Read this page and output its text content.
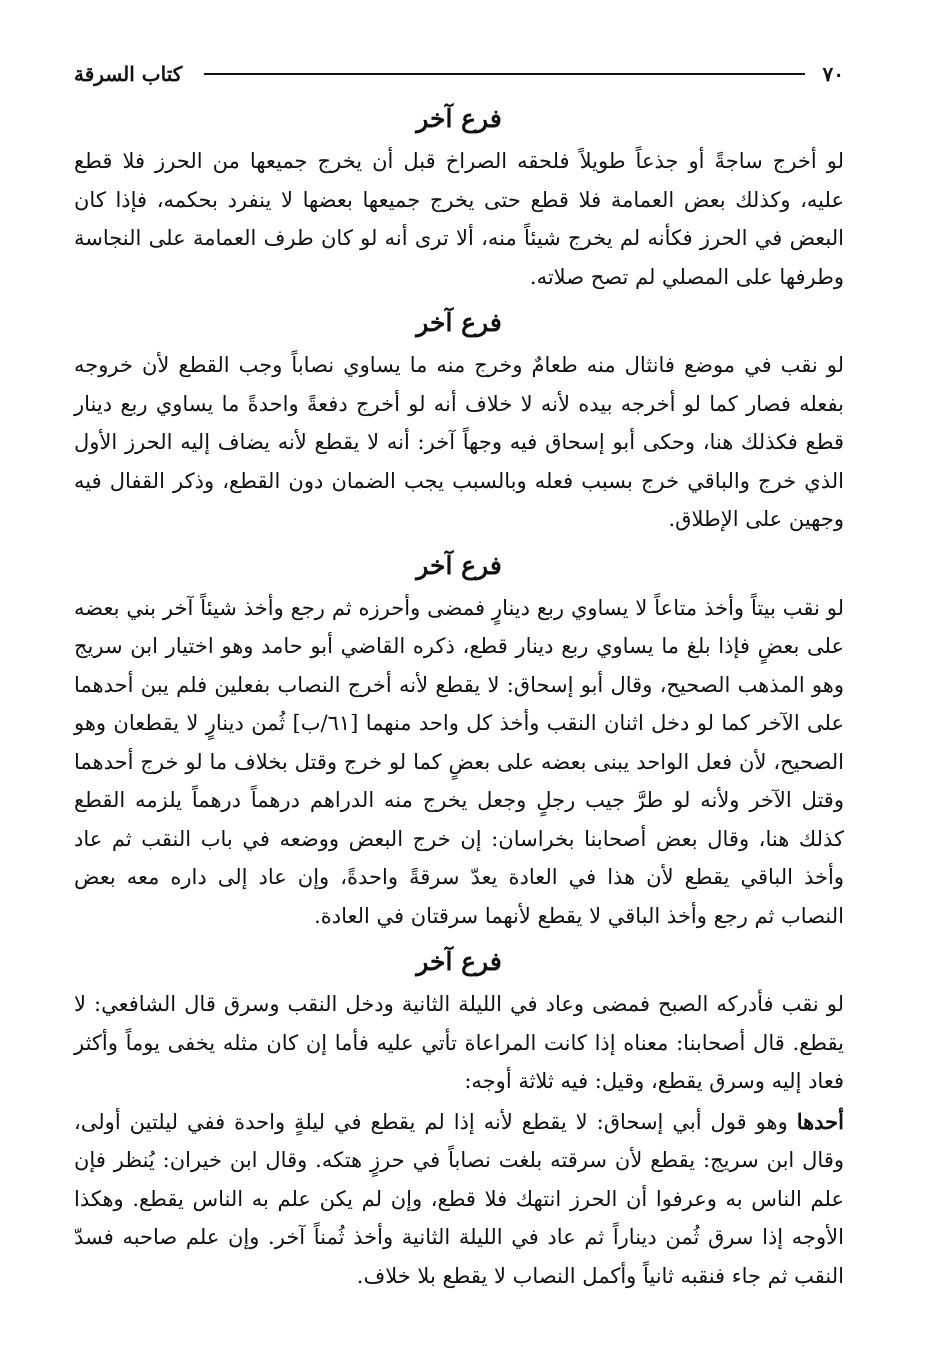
٧٠
كتاب السرقة
فرع آخر

لو أخرج ساجةً أو جذعاً طويلاً فلحقه الصراخ قبل أن يخرج جميعها من الحرز فلا قطع عليه، وكذلك بعض العمامة فلا قطع حتى يخرج جميعها بعضها لا ينفرد بحكمه، فإذا كان البعض في الحرز فكأنه لم يخرج شيئاً منه، ألا ترى أنه لو كان طرف العمامة على النجاسة وطرفها على المصلي لم تصح صلاته.

فرع آخر

لو نقب في موضع فانثال منه طعامٌ وخرج منه ما يساوي نصاباً وجب القطع لأن خروجه بفعله فصار كما لو أخرجه بيده لأنه لا خلاف أنه لو أخرج دفعةً واحدةً ما يساوي ربع دينار قطع فكذلك هنا، وحكى أبو إسحاق فيه وجهاً آخر: أنه لا يقطع لأنه يضاف إليه الحرز الأول الذي خرج والباقي خرج بسبب فعله وبالسبب يجب الضمان دون القطع، وذكر القفال فيه وجهين على الإطلاق.

فرع آخر

لو نقب بيتاً وأخذ متاعاً لا يساوي ربع دينارٍ فمضى وأحرزه ثم رجع وأخذ شيئاً آخر بني بعضه على بعضٍ فإذا بلغ ما يساوي ربع دينار قطع، ذكره القاضي أبو حامد وهو اختيار ابن سريج وهو المذهب الصحيح، وقال أبو إسحاق: لا يقطع لأنه أخرج النصاب بفعلين فلم يبن أحدهما على الآخر كما لو دخل اثنان النقب وأخذ كل واحد منهما [٦١/ب] ثُمن دينارٍ لا يقطعان وهو الصحيح، لأن فعل الواحد يبنى بعضه على بعضٍ كما لو خرج وقتل بخلاف ما لو خرج أحدهما وقتل الآخر ولأنه لو طرَّ جيب رجلٍ وجعل يخرج منه الدراهم درهماً درهماً يلزمه القطع كذلك هنا، وقال بعض أصحابنا بخراسان: إن خرج البعض ووضعه في باب النقب ثم عاد وأخذ الباقي يقطع لأن هذا في العادة يعدّ سرقةً واحدةً، وإن عاد إلى داره معه بعض النصاب ثم رجع وأخذ الباقي لا يقطع لأنهما سرقتان في العادة.

فرع آخر

لو نقب فأدركه الصبح فمضى وعاد في الليلة الثانية ودخل النقب وسرق قال الشافعي: لا يقطع. قال أصحابنا: معناه إذا كانت المراعاة تأتي عليه فأما إن كان مثله يخفى يوماً وأكثر فعاد إليه وسرق يقطع، وقيل: فيه ثلاثة أوجه:

أحدها وهو قول أبي إسحاق: لا يقطع لأنه إذا لم يقطع في ليلةٍ واحدة ففي ليلتين أولى، وقال ابن سريج: يقطع لأن سرقته بلغت نصاباً في حرزٍ هتكه. وقال ابن خيران: يُنظر فإن علم الناس به وعرفوا أن الحرز انتهك فلا قطع، وإن لم يكن علم به الناس يقطع. وهكذا الأوجه إذا سرق ثُمن ديناراً ثم عاد في الليلة الثانية وأخذ ثُمناً آخر. وإن علم صاحبه فسدّ النقب ثم جاء فنقبه ثانياً وأكمل النصاب لا يقطع بلا خلاف.
